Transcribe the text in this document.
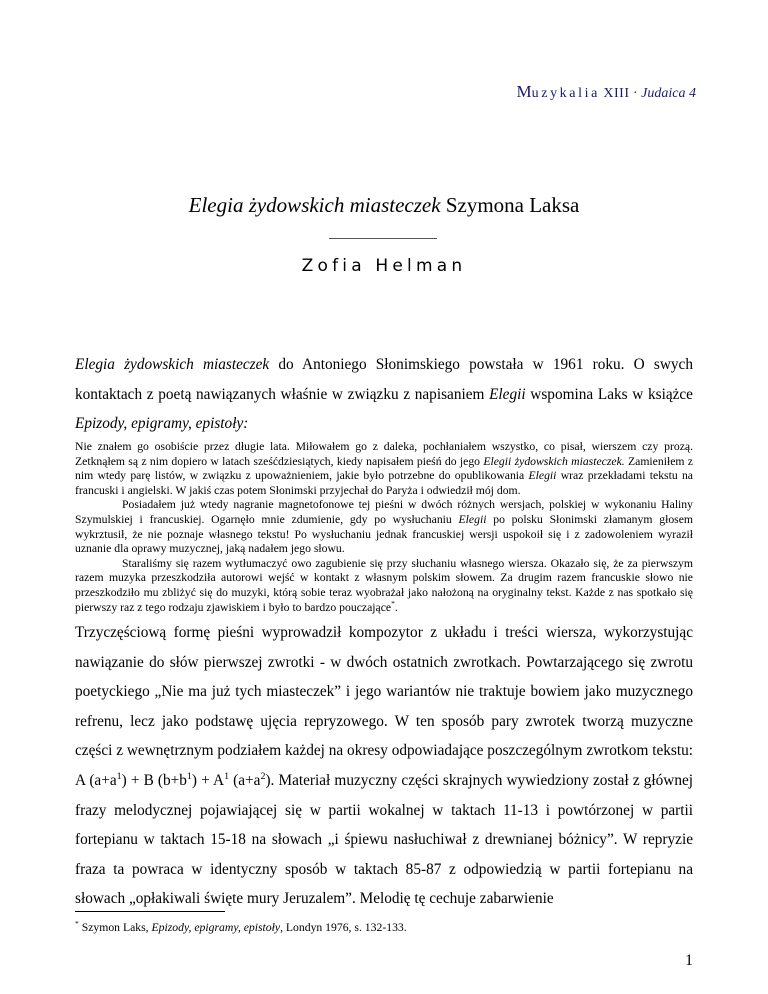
Muzykalia XIII · Judaica 4
Elegia żydowskich miasteczek Szymona Laksa
Zofia Helman
Elegia żydowskich miasteczek do Antoniego Słonimskiego powstała w 1961 roku. O swych kontaktach z poetą nawiązanych właśnie w związku z napisaniem Elegii wspomina Laks w książce Epizody, epigramy, epistoły:

Nie znałem go osobiście przez długie lata. Miłowałem go z daleka, pochłaniałem wszystko, co pisał, wierszem czy prozą. Zetknąłem są z nim dopiero w latach sześćdziesiątych, kiedy napisałem pieśń do jego Elegii żydowskich miasteczek. Zamieniłem z nim wtedy parę listów, w związku z upoważnieniem, jakie było potrzebne do opublikowania Elegii wraz przekładami tekstu na francuski i angielski. W jakiś czas potem Słonimski przyjechał do Paryża i odwiedził mój dom.

Posiadałem już wtedy nagranie magnetofonowe tej pieśni w dwóch różnych wersjach, polskiej w wykonaniu Haliny Szymulskiej i francuskiej. Ogarnęło mnie zdumienie, gdy po wysłuchaniu Elegii po polsku Słonimski złamanym głosem wykrztusił, że nie poznaje własnego tekstu! Po wysłuchaniu jednak francuskiej wersji uspokoił się i z zadowoleniem wyraził uznanie dla oprawy muzycznej, jaką nadałem jego słowu.

Staraliśmy się razem wytłumaczyć owo zagubienie się przy słuchaniu własnego wiersza. Okazało się, że za pierwszym razem muzyka przeszkodziła autorowi wejść w kontakt z własnym polskim słowem. Za drugim razem francuskie słowo nie przeszkodziło mu zbliżyć się do muzyki, którą sobie teraz wyobrażał jako nałożoną na oryginalny tekst. Każde z nas spotkało się pierwszy raz z tego rodzaju zjawiskiem i było to bardzo pouczające*.

Trzyczęściową formę pieśni wyprowadził kompozytor z układu i treści wiersza, wykorzystując nawiązanie do słów pierwszej zwrotki - w dwóch ostatnich zwrotkach. Powtarzającego się zwrotu poetyckiego „Nie ma już tych miasteczek” i jego wariantów nie traktuje bowiem jako muzycznego refrenu, lecz jako podstawę ujęcia repryzowego. W ten sposób pary zwrotek tworzą muzyczne części z wewnętrznym podziałem każdej na okresy odpowiadające poszczególnym zwrotkom tekstu: A $(a+a^1) + B$ $(b+b^1) + A^1$ $(a+a^2)$. Materiał muzyczny części skrajnych wywiedziony został z głównej frazy melodycznej pojawiającej się w partii wokalnej w taktach 11-13 i powtórzonej w partii fortepianu w taktach 15-18 na słowach „i śpiewu nasłuchiwał z drewnianej bóżnicy”. W repryzie fraza ta powraca w identyczny sposób w taktach 85-87 z odpowiedzią w partii fortepianu na słowach „opłakiwali święte mury Jeruzalem”. Melodię tę cechuje zabarwienie
* Szymon Laks, Epizody, epigramy, epistoły, Londyn 1976, s. 132-133.
1
